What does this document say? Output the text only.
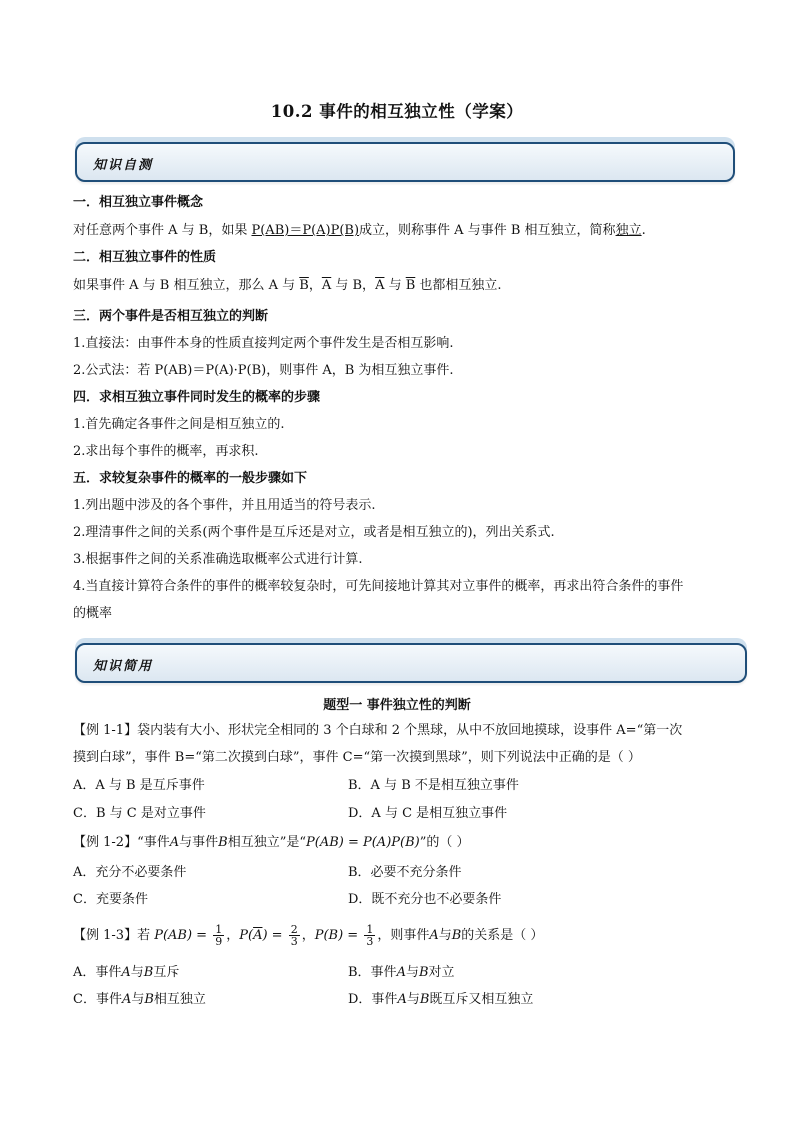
10.2 事件的相互独立性（学案）
知识自测
一．相互独立事件概念
对任意两个事件 A 与 B，如果 P(AB)＝P(A)P(B)成立，则称事件 A 与事件 B 相互独立，简称独立.
二．相互独立事件的性质
如果事件 A 与 B 相互独立，那么 A 与 $\overline{B}$，$\overline{A}$ 与 B，$\overline{A}$ 与 $\overline{B}$ 也都相互独立.
三．两个事件是否相互独立的判断
1.直接法：由事件本身的性质直接判定两个事件发生是否相互影响.
2.公式法：若 P(AB)＝P(A)·P(B)，则事件 A，B 为相互独立事件.
四．求相互独立事件同时发生的概率的步骤
1.首先确定各事件之间是相互独立的.
2.求出每个事件的概率，再求积.
五．求较复杂事件的概率的一般步骤如下
1.列出题中涉及的各个事件，并且用适当的符号表示.
2.理清事件之间的关系(两个事件是互斥还是对立，或者是相互独立的)，列出关系式.
3.根据事件之间的关系准确选取概率公式进行计算.
4.当直接计算符合条件的事件的概率较复杂时，可先间接地计算其对立事件的概率，再求出符合条件的事件
的概率
知识简用
题型一 事件独立性的判断
【例 1-1】袋内装有大小、形状完全相同的 3 个白球和 2 个黑球，从中不放回地摸球，设事件 A=“第一次
摸到白球”，事件 B=“第二次摸到白球”，事件 C=“第一次摸到黑球”，则下列说法中正确的是（ ）
A．A 与 B 是互斥事件	B．A 与 B 不是相互独立事件
C．B 与 C 是对立事件	D．A 与 C 是相互独立事件
【例 1-2】“事件A与事件B相互独立”是“P(AB) = P(A)P(B)”的（ ）
A．充分不必要条件	B．必要不充分条件
C．充要条件	D．既不充分也不必要条件
【例 1-3】若 $P(AB) = \frac{1}{9}$ ，$P(\overline{A}) = \frac{2}{3}$ ，$P(B) = \frac{1}{3}$ ，则事件A与B的关系是（ ）
A．事件A与B互斥	B．事件A与B对立
C．事件A与B相互独立	D．事件A与B既互斥又相互独立
